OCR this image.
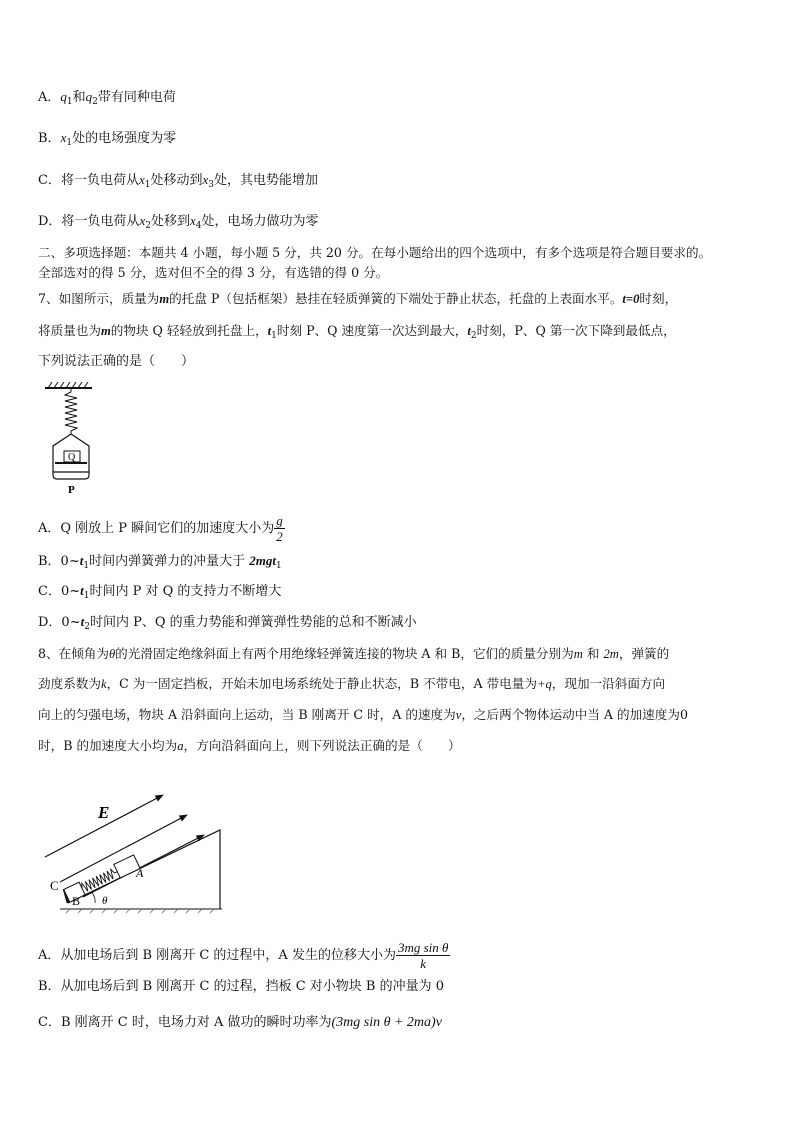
A．$q_1$和$q_2$带有同种电荷
B．$x_1$处的电场强度为零
C．将一负电荷从$x_1$处移动到$x_3$处，其电势能增加
D．将一负电荷从$x_2$处移到$x_4$处，电场力做功为零
二、多项选择题：本题共 4 小题，每小题 5 分，共 20 分。在每小题给出的四个选项中，有多个选项是符合题目要求的。
全部选对的得 5 分，选对但不全的得 3 分，有选错的得 0 分。
7、如图所示，质量为m的托盘 P（包括框架）悬挂在轻质弹簧的下端处于静止状态，托盘的上表面水平。t=0时刻，
将质量也为m的物块 Q 轻轻放到托盘上，$t_1$时刻 P、Q 速度第一次达到最大，$t_2$时刻，P、Q 第一次下降到最低点，
下列说法正确的是（　　）
Q
P
A．Q 刚放上 P 瞬间它们的加速度大小为 $\frac{g}{2}$
B．$0\sim t_1$时间内弹簧弹力的冲量大于 2mgt$_1$
C．$0\sim t_1$时间内 P 对 Q 的支持力不断增大
D．$0\sim t_2$时间内 P、Q 的重力势能和弹簧弹性势能的总和不断减小
8、在倾角为θ的光滑固定绝缘斜面上有两个用绝缘轻弹簧连接的物块 A 和 B，它们的质量分别为m 和 2m，弹簧的
劲度系数为k，C 为一固定挡板，开始未加电场系统处于静止状态，B 不带电，A 带电量为+q，现加一沿斜面方向
向上的匀强电场，物块 A 沿斜面向上运动，当 B 刚离开 C 时，A 的速度为v，之后两个物体运动中当 A 的加速度为0
时，B 的加速度大小均为a，方向沿斜面向上，则下列说法正确的是（　　）
E
C
B
A
θ
A．从加电场后到 B 刚离开 C 的过程中，A 发生的位移大小为 $\frac{\text{3mg sin θ}}{k}$
B．从加电场后到 B 刚离开 C 的过程，挡板 C 对小物块 B 的冲量为 0
C．B 刚离开 C 时，电场力对 A 做功的瞬时功率为(3mg sin θ + 2ma)v
